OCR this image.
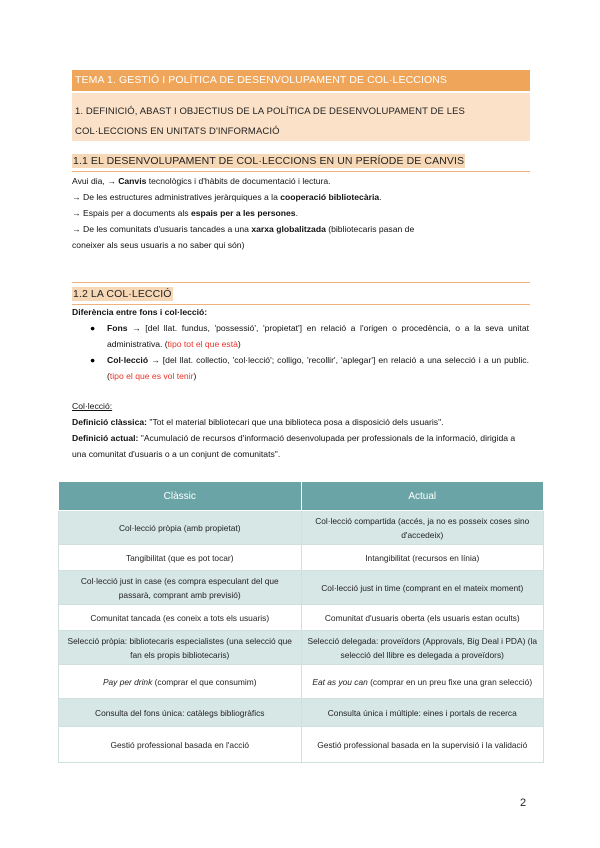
TEMA 1. GESTIÓ I POLÍTICA DE DESENVOLUPAMENT DE COL·LECCIONS
1. DEFINICIÓ, ABAST I OBJECTIUS DE LA POLÍTICA DE DESENVOLUPAMENT DE LES
COL·LECCIONS EN UNITATS D'INFORMACIÓ
1.1 EL DESENVOLUPAMENT DE COL·LECCIONS EN UN PERÍODE DE CANVIS
Avui dia, → Canvis tecnològics i d'hàbits de documentació i lectura.
→ De les estructures administratives jeràrquiques a la cooperació bibliotecària.
→ Espais per a documents als espais per a les persones.
→ De les comunitats d'usuaris tancades a una xarxa globalitzada (bibliotecaris pasan de
coneixer als seus usuaris a no saber qui són)
1.2 LA COL·LECCIÓ
Diferència entre fons i col·lecció:
● Fons → [del llat. fundus, 'possessió', 'propietat'] en relació a l'origen o procedència, o a la seva unitat administrativa. (tipo tot el que està)
● Col·lecció → [del llat. collectio, 'col·lecció'; colligo, 'recollir', 'aplegar'] en relació a una selecció i a un public. (tipo el que es vol tenir)
Col·lecció:
Definició clàssica: "Tot el material bibliotecari que una biblioteca posa a disposició dels usuaris".
Definició actual: "Acumulació de recursos d'informació desenvolupada per professionals de la informació, dirigida a una comunitat d'usuaris o a un conjunt de comunitats".
Clàssic	Actual
Col·lecció pròpia (amb propietat)	Col·lecció compartida (accés, ja no es posseix coses sino d'accedeix)
Tangibilitat (que es pot tocar)	Intangibilitat (recursos en línia)
Col·lecció just in case (es compra especulant del que passarà, comprant amb previsió)	Col·lecció just in time (comprant en el mateix moment)
Comunitat tancada (es coneix a tots els usuaris)	Comunitat d'usuaris oberta (els usuaris estan ocults)
Selecció pròpia: bibliotecaris especialistes (una selecció que fan els propis bibliotecaris)	Selecció delegada: proveïdors (Approvals, Big Deal i PDA) (la selecció del llibre es delegada a proveïdors)
Pay per drink (comprar el que consumim)	Eat as you can (comprar en un preu fixe una gran selecció)
Consulta del fons única: catàlegs bibliogràfics	Consulta única i múltiple: eines i portals de recerca
Gestió professional basada en l'acció	Gestió professional basada en la supervisió i la validació
2
